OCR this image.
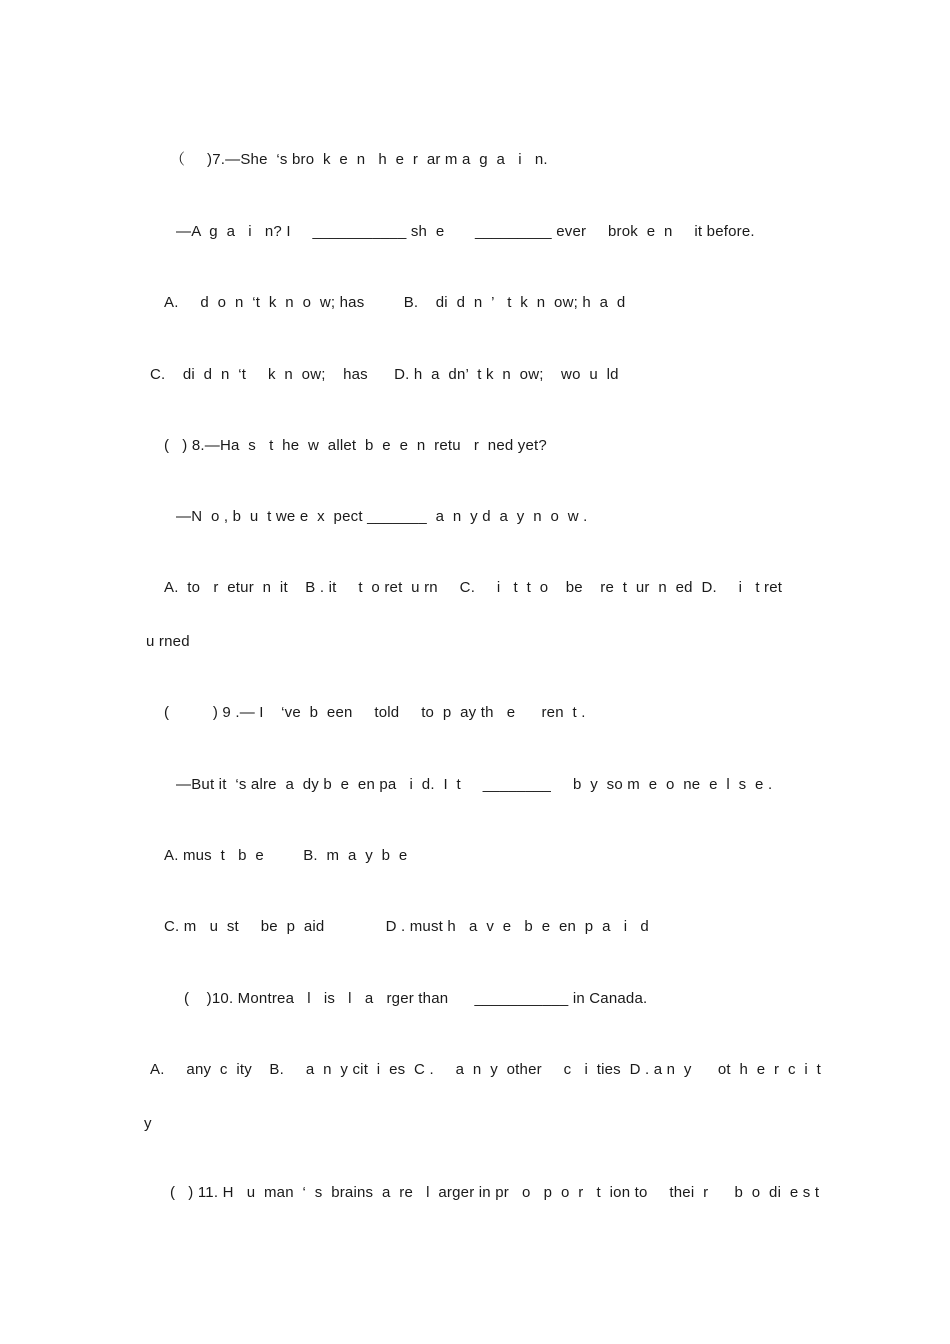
（     )7.—She  ‘s bro  k  e  n   h  e  r  ar m a  g  a   i   n.
—A  g  a   i   n? I     ___________ sh  e       _________ ever     brok  e  n     it before.
A.     d  o  n  ‘t  k  n  o  w; has         B.    di  d  n  ’   t  k  n  ow; h  a  d
C.    di  d  n  ‘t     k  n  ow;    has      D. h  a  dn’  t k  n  ow;    wo  u  ld
(   ) 8.—Ha  s   t  he  w  allet  b  e  e  n  retu   r  ned yet?
—N  o , b  u  t we e  x  pect _______  a  n  y d  a  y  n  o  w .
A.  to   r  etur  n  it    B . it     t  o ret  u rn     C.     i   t  t  o    be    re  t  ur  n  ed  D.     i   t ret
u rned
(          ) 9 .— I    ‘ve  b  een     told     to  p  ay th   e      ren  t .
—But it  ‘s alre  a  dy b  e  en pa   i  d.  I  t     ________     b  y  so m  e  o  ne  e  l  s  e .
A. mus  t   b  e         B.  m  a  y  b  e
C. m   u  st     be  p  aid              D . must h   a  v  e   b  e  en  p  a   i   d
(    )10. Montrea   l   is   l   a   rger than      ___________ in Canada.
A.     any  c  ity    B.     a  n  y cit  i  es  C .     a  n  y  other     c   i  ties  D . a n  y      ot  h  e  r  c  i  t
y
(   ) 11. H   u  man  ‘  s  brains  a  re   l  arger in pr   o   p  o  r   t  ion to     thei  r      b  o  di  e s t
